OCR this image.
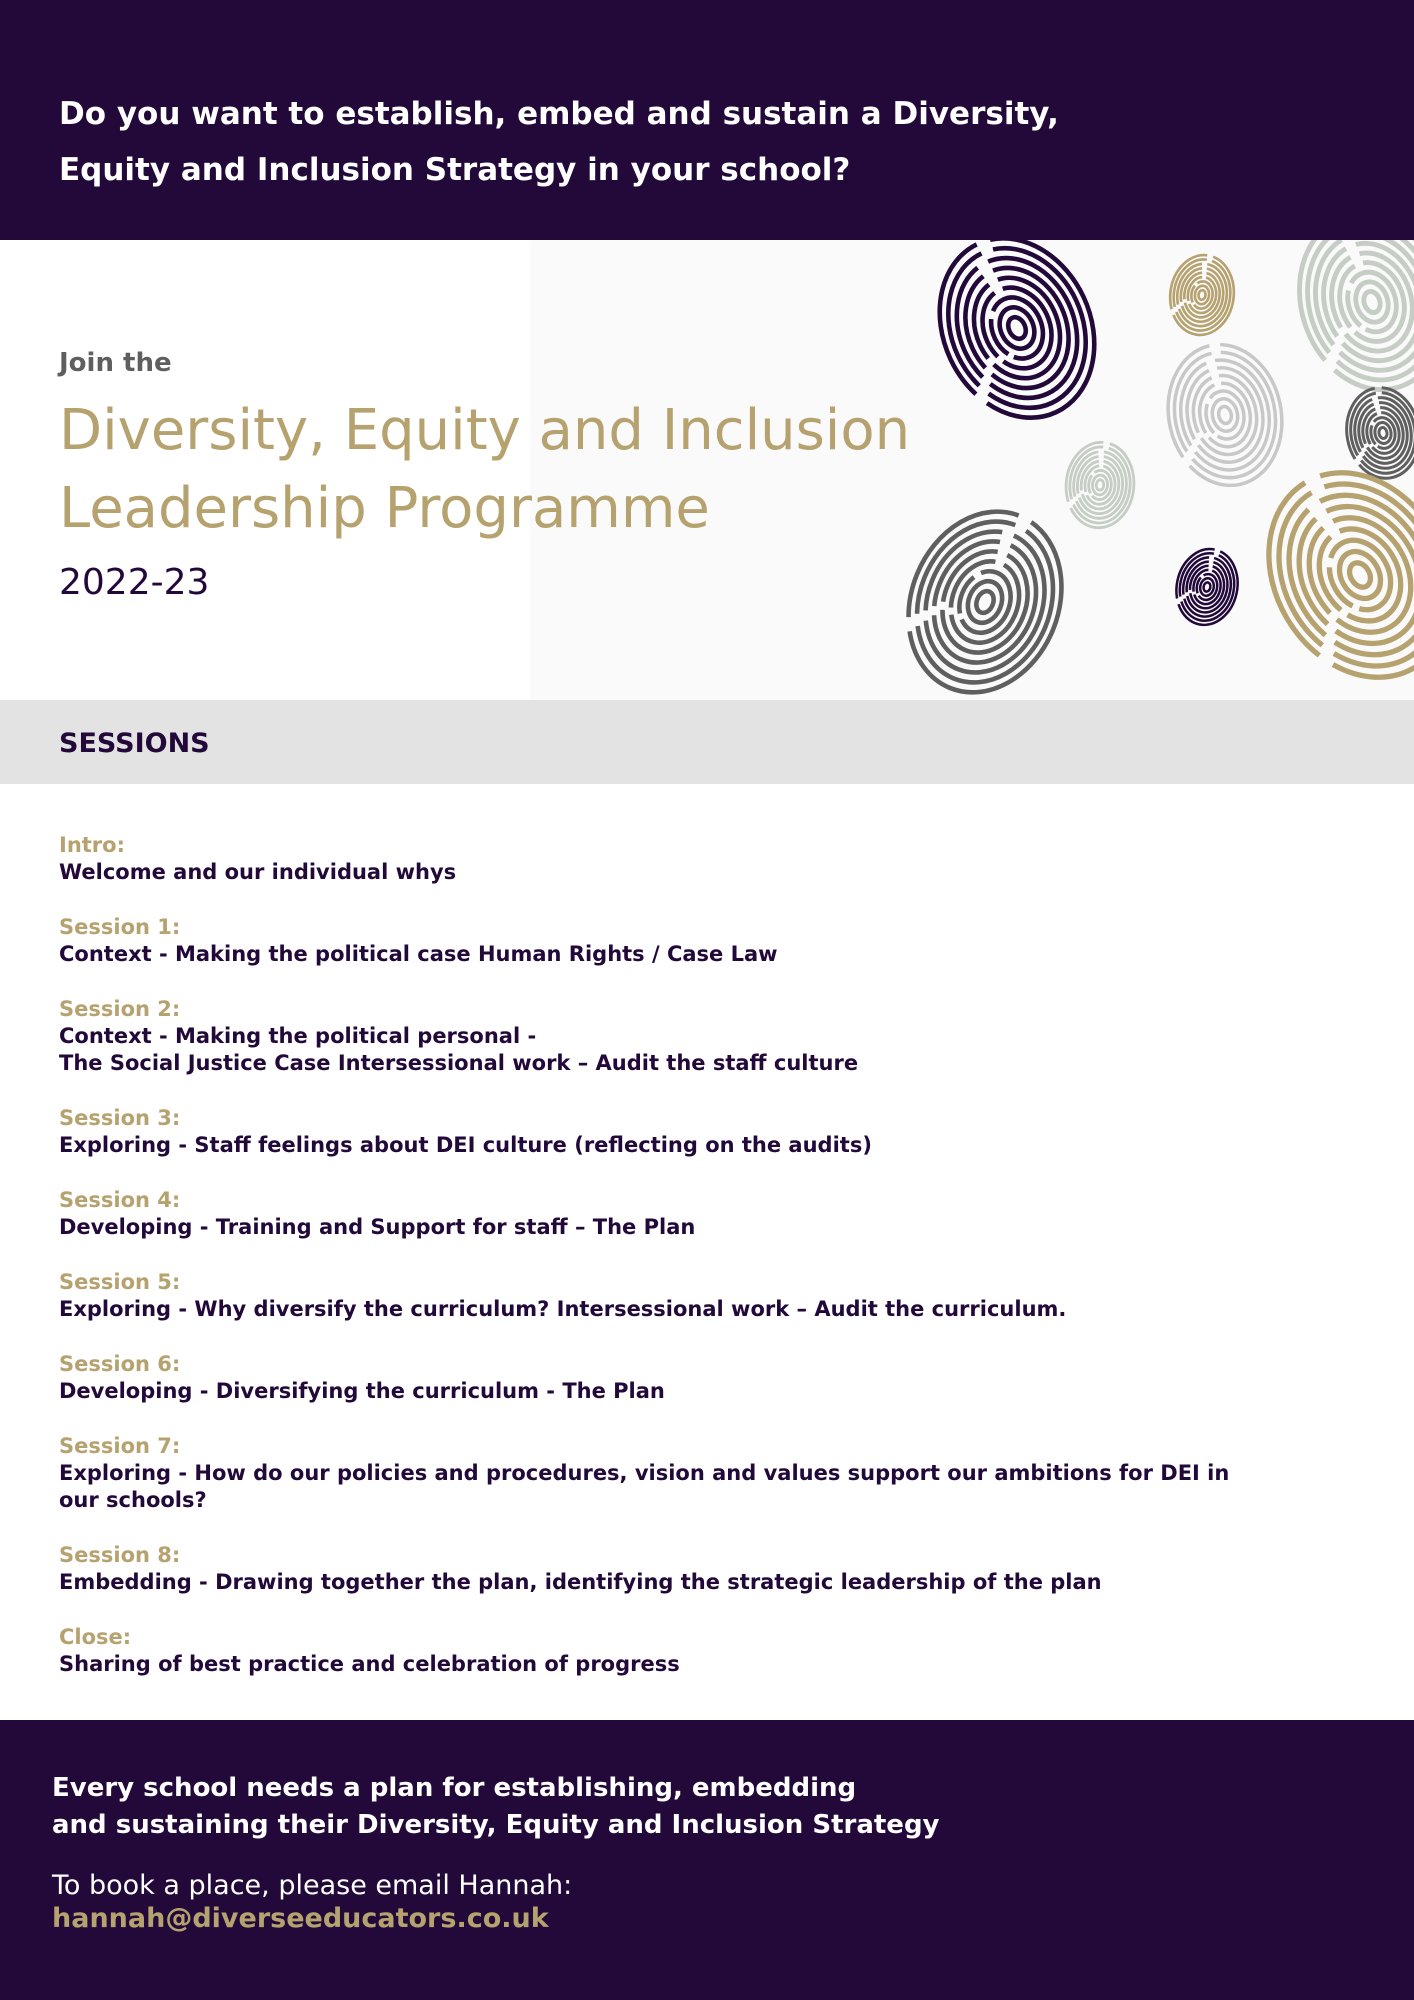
Do you want to establish, embed and sustain a Diversity,
Equity and Inclusion Strategy in your school?
Join the
Diversity, Equity and Inclusion
Leadership Programme
2022-23
SESSIONS
Intro:
Welcome and our individual whys
Session 1:
Context - Making the political case Human Rights / Case Law
Session 2:
Context - Making the political personal -
The Social Justice Case Intersessional work – Audit the staff culture
Session 3:
Exploring - Staff feelings about DEI culture (reflecting on the audits)
Session 4:
Developing - Training and Support for staff – The Plan
Session 5:
Exploring - Why diversify the curriculum? Intersessional work – Audit the curriculum.
Session 6:
Developing - Diversifying the curriculum - The Plan
Session 7:
Exploring - How do our policies and procedures, vision and values support our ambitions for DEI in
our schools?
Session 8:
Embedding - Drawing together the plan, identifying the strategic leadership of the plan
Close:
Sharing of best practice and celebration of progress
Every school needs a plan for establishing, embedding
and sustaining their Diversity, Equity and Inclusion Strategy
To book a place, please email Hannah:
hannah@diverseeducators.co.uk
